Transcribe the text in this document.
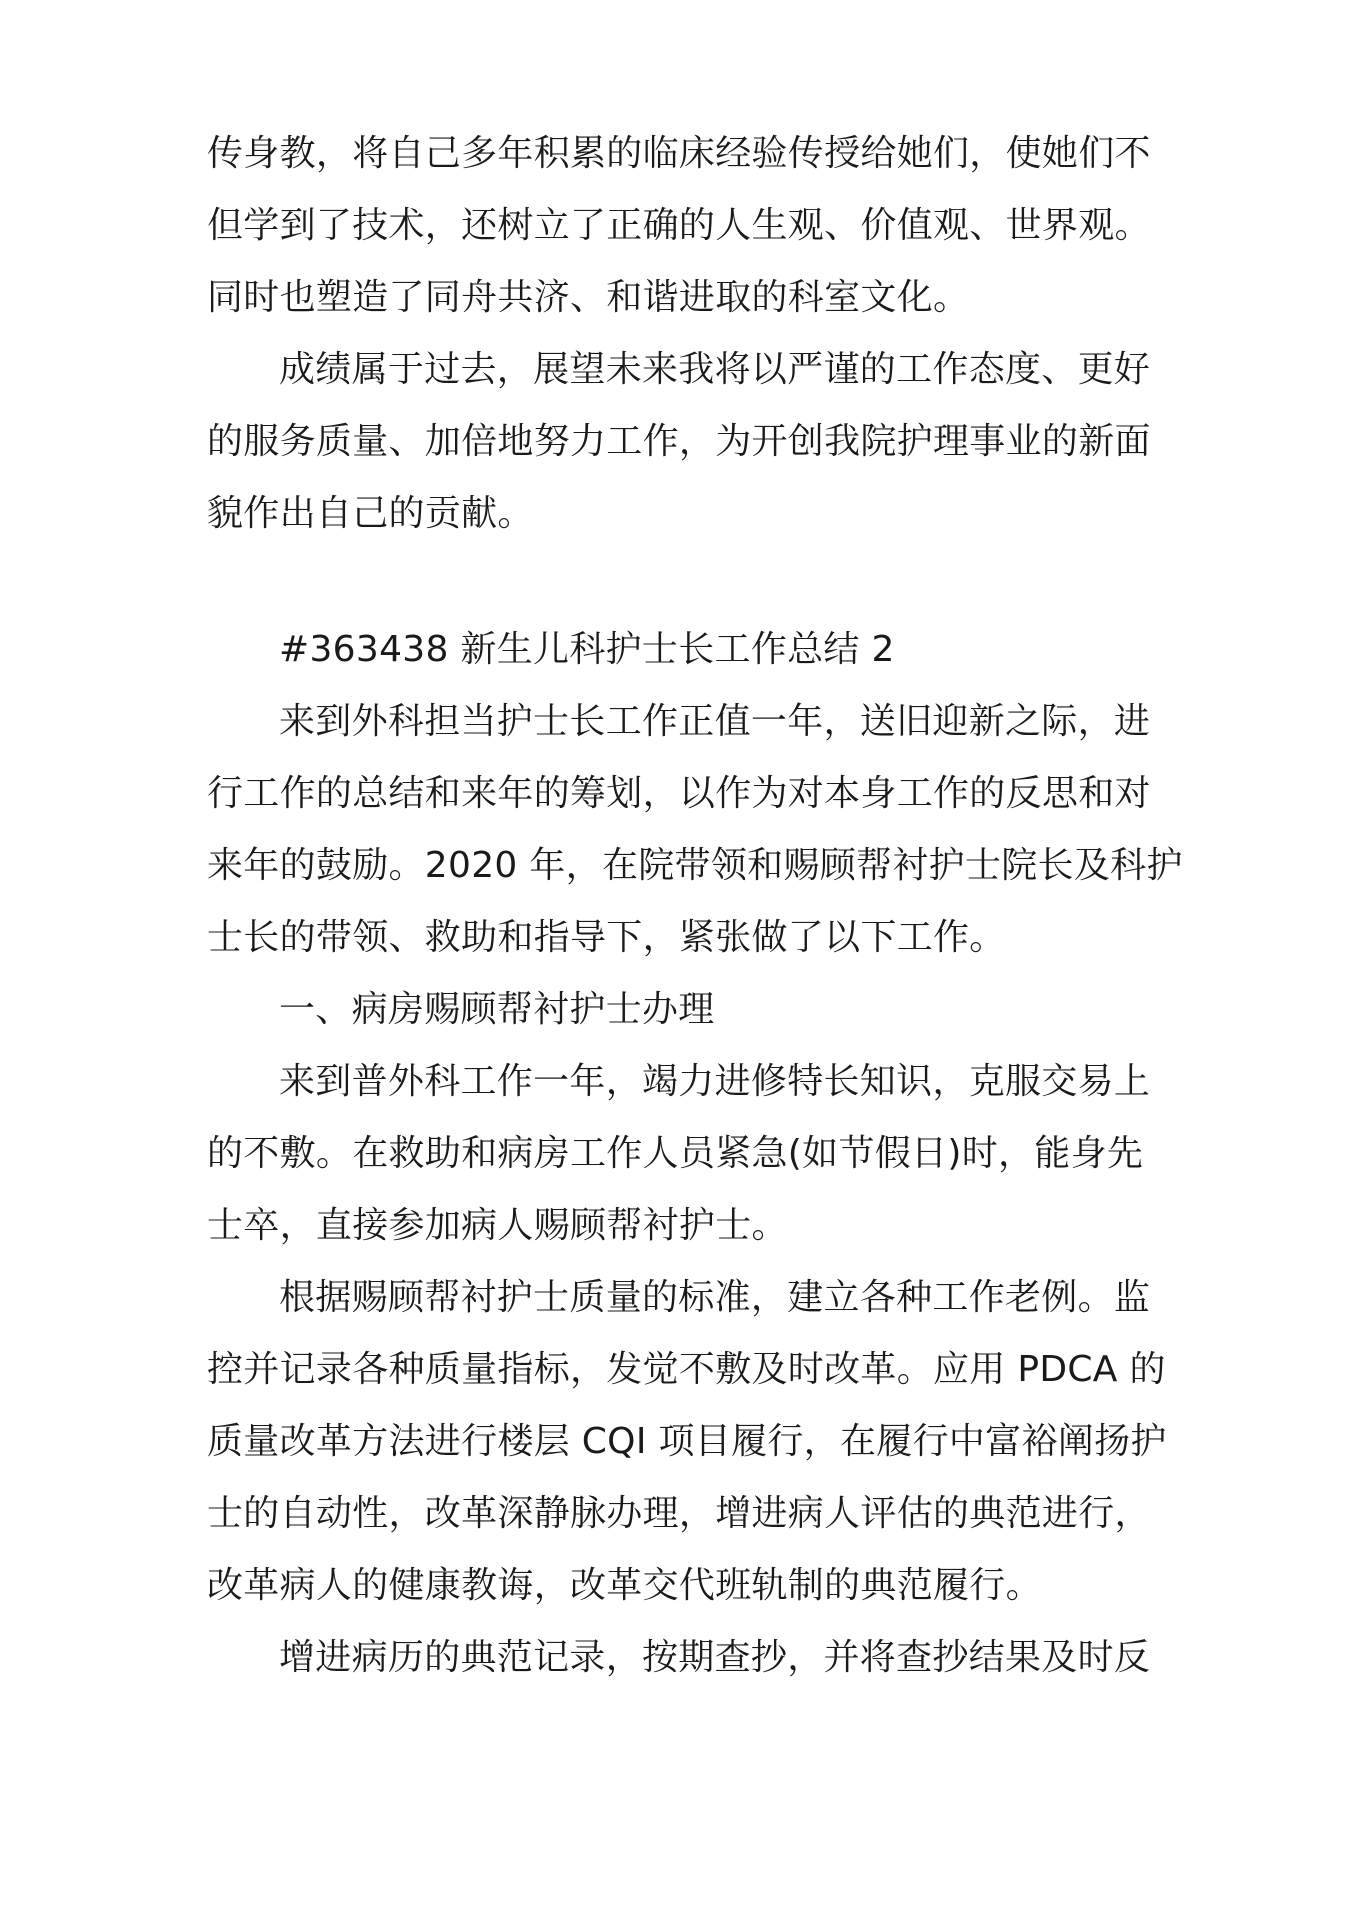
传身教，将自己多年积累的临床经验传授给她们，使她们不
但学到了技术，还树立了正确的人生观、价值观、世界观。
同时也塑造了同舟共济、和谐进取的科室文化。
成绩属于过去，展望未来我将以严谨的工作态度、更好
的服务质量、加倍地努力工作，为开创我院护理事业的新面
貌作出自己的贡献。
#363438 新生儿科护士长工作总结 2
来到外科担当护士长工作正值一年，送旧迎新之际，进
行工作的总结和来年的筹划，以作为对本身工作的反思和对
来年的鼓励。2020 年，在院带领和赐顾帮衬护士院长及科护
士长的带领、救助和指导下，紧张做了以下工作。
一、病房赐顾帮衬护士办理
来到普外科工作一年，竭力进修特长知识，克服交易上
的不敷。在救助和病房工作人员紧急(如节假日)时，能身先
士卒，直接参加病人赐顾帮衬护士。
根据赐顾帮衬护士质量的标准，建立各种工作老例。监
控并记录各种质量指标，发觉不敷及时改革。应用 PDCA 的
质量改革方法进行楼层 CQI 项目履行，在履行中富裕阐扬护
士的自动性，改革深静脉办理，增进病人评估的典范进行，
改革病人的健康教诲，改革交代班轨制的典范履行。
增进病历的典范记录，按期查抄，并将查抄结果及时反
